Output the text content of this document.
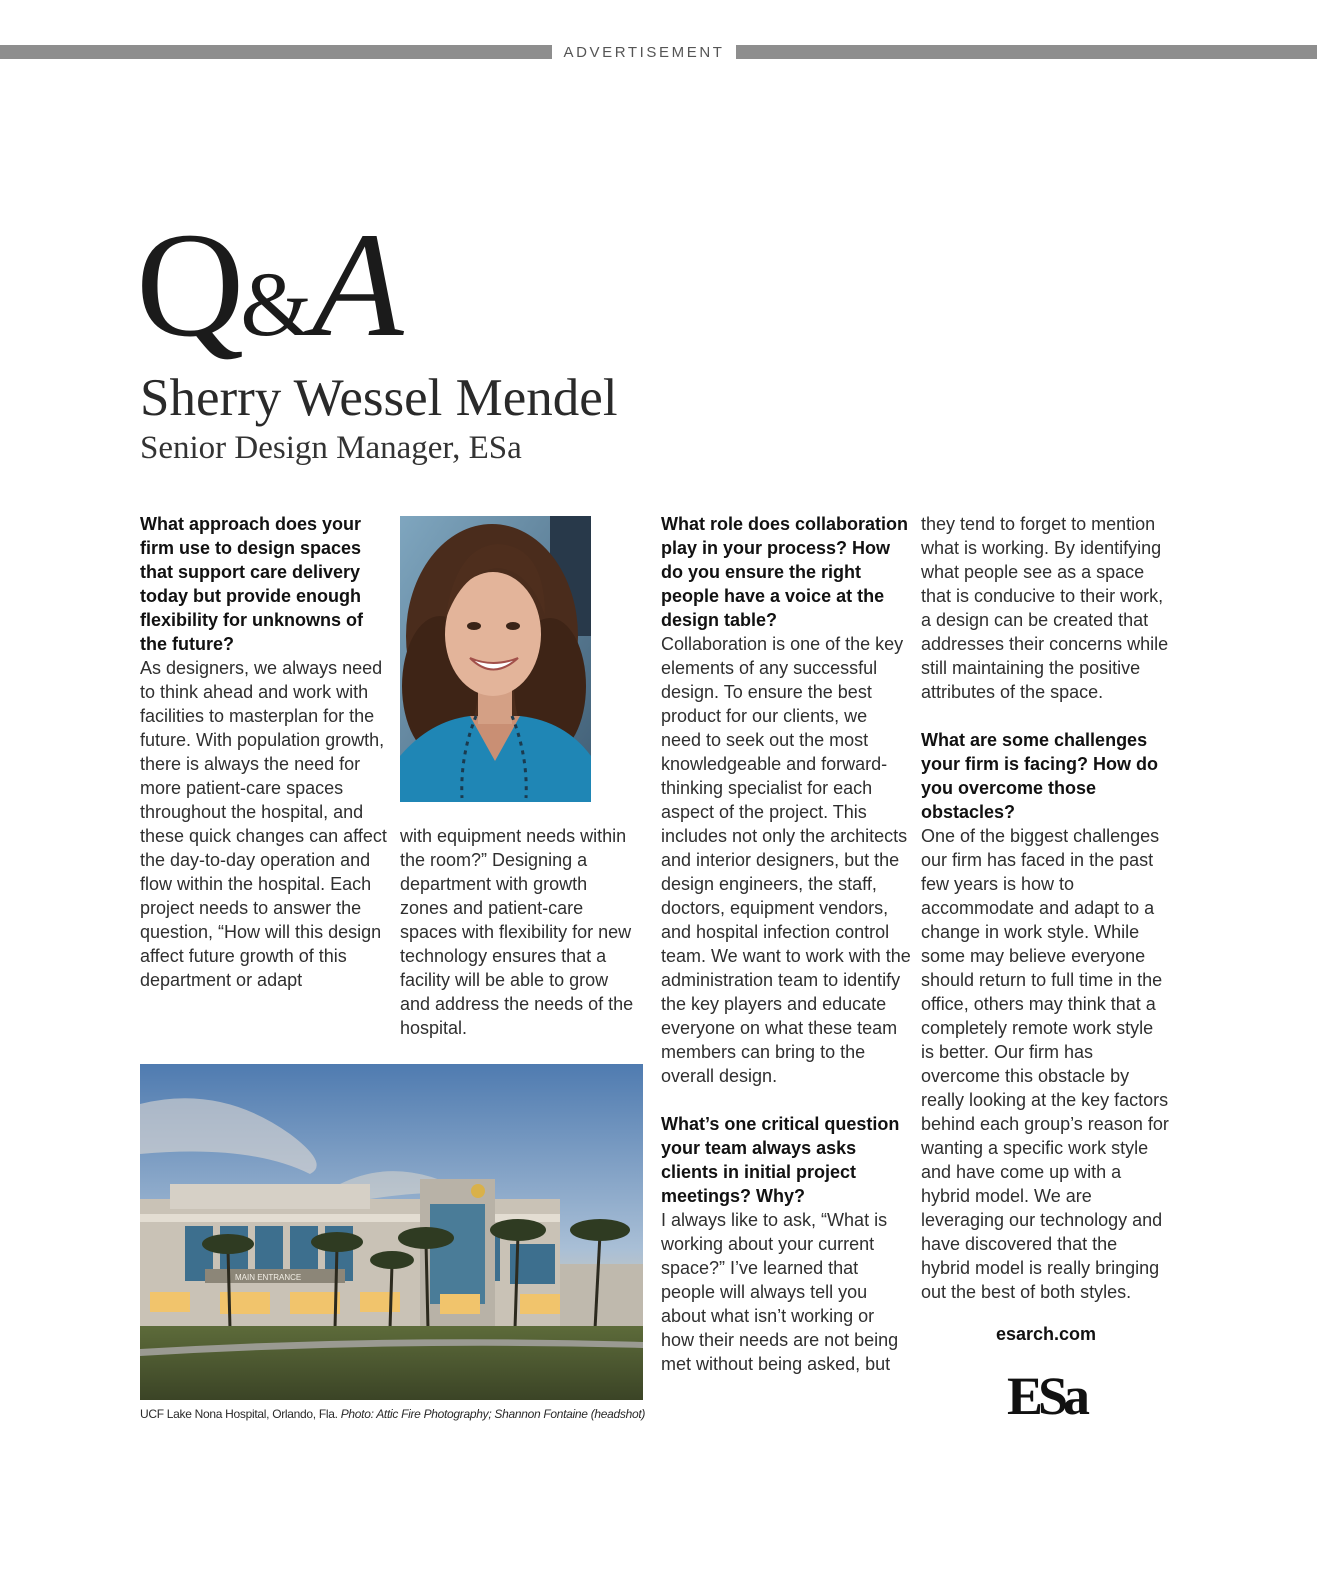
ADVERTISEMENT
Q&A
Sherry Wessel Mendel
Senior Design Manager, ESa

What approach does your firm use to design spaces that support care delivery today but provide enough flexibility for unknowns of the future?

As designers, we always need to think ahead and work with facilities to masterplan for the future. With population growth, there is always the need for more patient-care spaces throughout the hospital, and these quick changes can affect the day-to-day operation and flow within the hospital. Each project needs to answer the question, “How will this design affect future growth of this department or adapt

with equipment needs within the room?” Designing a department with growth zones and patient-care spaces with flexibility for new technology ensures that a facility will be able to grow and address the needs of the hospital.

MAIN ENTRANCE
UCF Lake Nona Hospital, Orlando, Fla. Photo: Attic Fire Photography; Shannon Fontaine (headshot)

What role does collaboration play in your process? How do you ensure the right people have a voice at the design table?

Collaboration is one of the key elements of any successful design. To ensure the best product for our clients, we need to seek out the most knowledgeable and forward-thinking specialist for each aspect of the project. This includes not only the architects and interior designers, but the design engineers, the staff, doctors, equipment vendors, and hospital infection control team. We want to work with the administration team to identify the key players and educate everyone on what these team members can bring to the overall design.

What’s one critical question your team always asks clients in initial project meetings? Why?

I always like to ask, “What is working about your current space?” I’ve learned that people will always tell you about what isn’t working or how their needs are not being met without being asked, but

they tend to forget to mention what is working. By identifying what people see as a space that is conducive to their work, a design can be created that addresses their concerns while still maintaining the positive attributes of the space.

What are some challenges your firm is facing? How do you overcome those obstacles?

One of the biggest challenges our firm has faced in the past few years is how to accommodate and adapt to a change in work style. While some may believe everyone should return to full time in the office, others may think that a completely remote work style is better. Our firm has overcome this obstacle by really looking at the key factors behind each group’s reason for wanting a specific work style and have come up with a hybrid model. We are leveraging our technology and have discovered that the hybrid model is really bringing out the best of both styles.

esarch.com
ESa
